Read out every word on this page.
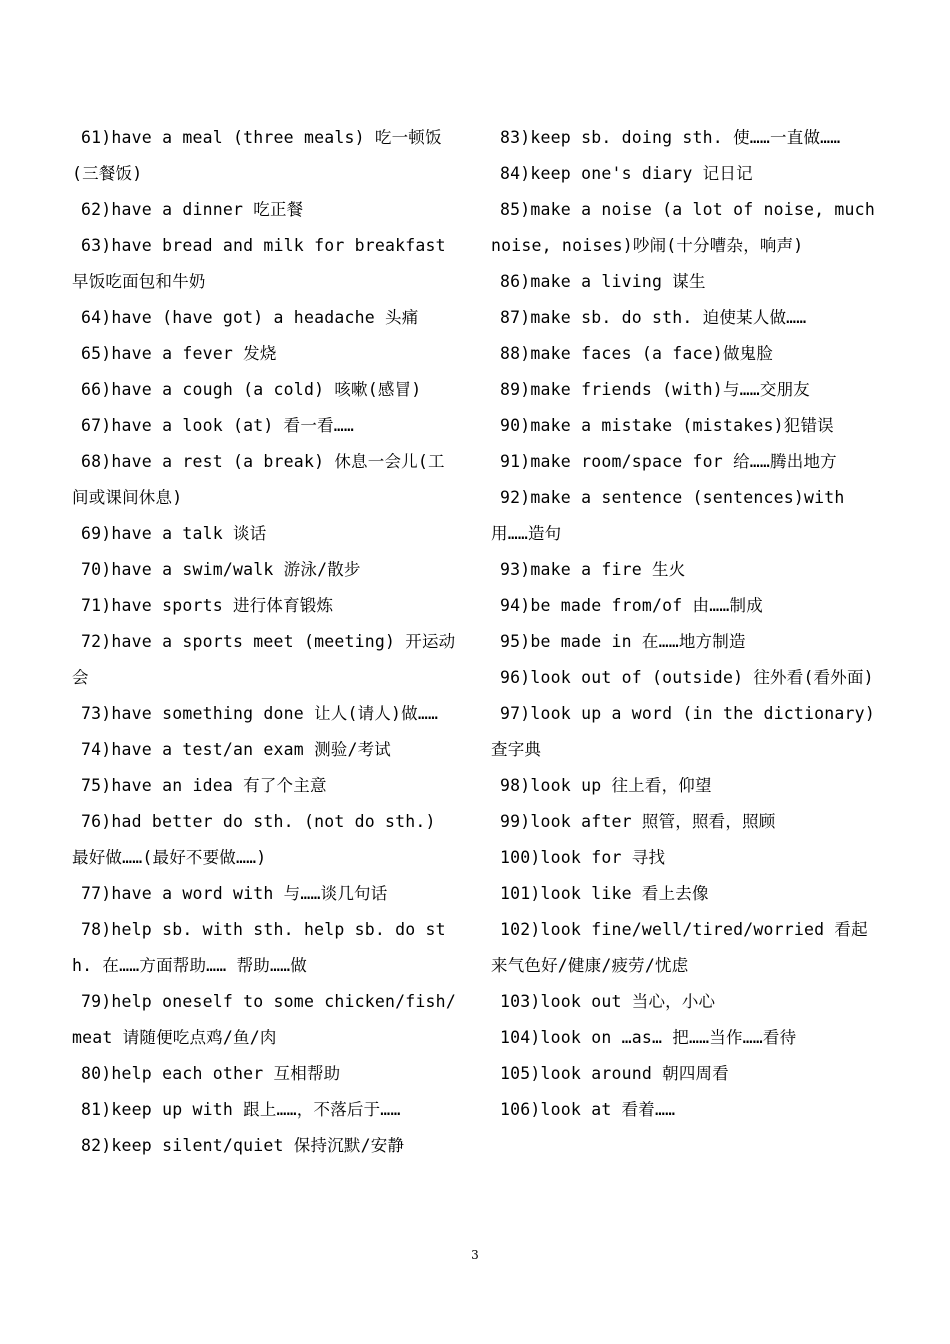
61)have a meal (three meals) 吃一顿饭(三餐饭)

62)have a dinner 吃正餐

63)have bread and milk for breakfast 早饭吃面包和牛奶

64)have (have got) a headache 头痛

65)have a fever 发烧

66)have a cough (a cold) 咳嗽(感冒)

67)have a look (at) 看一看……

68)have a rest (a break) 休息一会儿(工间或课间休息)

69)have a talk 谈话

70)have a swim/walk 游泳/散步

71)have sports 进行体育锻炼

72)have a sports meet (meeting) 开运动会

73)have something done 让人(请人)做……

74)have a test/an exam 测验/考试

75)have an idea 有了个主意

76)had better do sth. (not do sth.) 最好做……(最好不要做……)

77)have a word with 与……谈几句话

78)help sb. with sth. help sb. do sth. 在……方面帮助…… 帮助……做

79)help oneself to some chicken/fish/meat 请随便吃点鸡/鱼/肉

80)help each other 互相帮助

81)keep up with 跟上……，不落后于……

82)keep silent/quiet 保持沉默/安静

83)keep sb. doing sth. 使……一直做……

84)keep one's diary 记日记

85)make a noise (a lot of noise, much noise, noises)吵闹(十分嘈杂，响声)

86)make a living 谋生

87)make sb. do sth. 迫使某人做……

88)make faces (a face)做鬼脸

89)make friends (with)与……交朋友

90)make a mistake (mistakes)犯错误

91)make room/space for 给……腾出地方

92)make a sentence (sentences)with 用……造句

93)make a fire 生火

94)be made from/of 由……制成

95)be made in 在……地方制造

96)look out of (outside) 往外看(看外面)

97)look up a word (in the dictionary) 查字典

98)look up 往上看，仰望

99)look after 照管，照看，照顾

100)look for 寻找

101)look like 看上去像

102)look fine/well/tired/worried 看起来气色好/健康/疲劳/忧虑

103)look out 当心，小心

104)look on …as… 把……当作……看待

105)look around 朝四周看

106)look at 看着……

3
